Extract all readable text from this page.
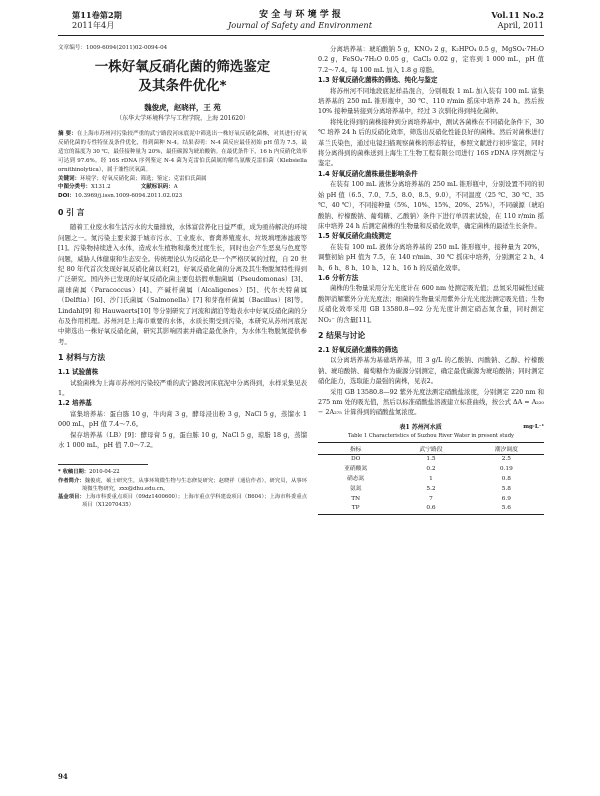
第11卷第2期
2011年4月
安 全 与 环 境 学 报
Journal of Safety and Environment
Vol.11 No.2
April, 2011

文章编号：1009-6094(2011)02-0094-04

一株好氧反硝化菌的筛选鉴定
及其条件优化*
魏俊虎，赵晓祥，王 苑
（东华大学环境科学与工程学院，上海 201620）

摘 要：在上海市苏州河污染较严重的武宁路段河床底泥中筛选出一株好氧反硝化菌株，对其进行好氧反硝化菌的专性特征及条件优化，得到菌种 N-4。结果表明：N-4 菌反应最佳初始 pH 值为 7.5，最适宜的温度为 30 ℃，最佳接种量为 20%，最佳碳源为琥珀酸钠。在最优条件下，16 h 内反硝化效率可达到 97.6%。经 16S rDNA 序列鉴定 N-4 菌为克雷伯氏菌属的解鸟氨酸克雷伯菌（Klebsiella ornithinolytica），属于兼性厌氧菌。

关键词：环境学；好氧反硝化菌；筛选；鉴定；克雷伯氏菌属

中图分类号：X131.2	文献标识码：A

DOI：10.3969/j.issn.1009-6094.2011.02.023

0 引 言

随着工业废水和生活污水的大量排放，水体富营养化日益严重，成为亟待解决的环境问题之一。氮污染主要来源于城市污水、工业废水、畜禽养殖废水、垃圾填埋渗滤液等[1]。污染物持续进入水体，造成水生植物和藻类过度生长，同时也会产生恶臭与色度等问题，威胁人体健康和生态安全。传统理论认为反硝化是一个严格厌氧的过程，自 20 世纪 80 年代首次发现好氧反硝化菌以来[2]，好氧反硝化菌的分离及其生物脱氮特性得到广泛研究。国内外已发现的好氧反硝化菌主要包括假单胞菌属（Pseudomonas）[3]、副球菌属（Paracoccus）[4]、产碱杆菌属（Alcaligenes）[5]、代尔夫特菌属（Delftia）[6]、沙门氏菌属（Salmonella）[7] 和芽孢杆菌属（Bacillus）[8]等。Lindahl[9] 和 Hauwaerts[10] 等分别研究了河流和湖泊等地表水中好氧反硝化菌的分布及作用机理。苏州河是上海市重要的水体，水质长期受到污染，本研究从苏州河底泥中筛选出一株好氧反硝化菌，研究其影响因素并确定最优条件，为水体生物脱氮提供参考。

1 材料与方法
1.1 试验菌株

试验菌株为上海市苏州河污染较严重的武宁路段河床底泥中分离得到，水样采集见表1。

1.2 培养基

富集培养基：蛋白胨 10 g，牛肉膏 3 g，酵母浸出粉 3 g，NaCl 5 g，蒸馏水 1 000 mL，pH 值 7.4～7.6。

保存培养基（LB）[9]：酵母膏 5 g，蛋白胨 10 g，NaCl 5 g，琼脂 18 g，蒸馏水 1 000 mL，pH 值 7.0～7.2。

* 收稿日期：2010-04-22

作者简介：魏俊虎，硕士研究生，从事环境微生物与生态修复研究；赵晓祥（通信作者），研究员，从事环境微生物研究，zxx@dhu.edu.cn。

基金项目：上海市科委重点项目（09dz1400600）；上海市重点学科建设项目（B604）；上海市科委重点项目（X12070435）

分离培养基：琥珀酸钠 5 g，KNO₃ 2 g，K₂HPO₄ 0.5 g，MgSO₄·7H₂O 0.2 g，FeSO₄·7H₂O 0.05 g，CaCl₂ 0.02 g，定容到 1 000 mL，pH 值 7.2～7.4。每 100 mL 加入 1.8 g 琼脂。

1.3 好氧反硝化菌株的筛选、纯化与鉴定

将苏州河不同地段底泥样品混合，分别吸取 1 mL 加入装有 100 mL 富集培养基的 250 mL 锥形瓶中，30 ℃、110 r/min 摇床中培养 24 h。然后按 10% 接种量转接到分离培养基中，经过 3 次驯化得到纯化菌种。

将纯化得到的菌株接种到分离培养基中，测试各菌株在不同硝化条件下，30 ℃ 培养 24 h 后的反硝化效率，筛选出反硝化性能良好的菌株。然后对菌株进行革兰氏染色，通过电镜扫描观察菌株的形态特征，参照文献进行初步鉴定，同时将分离得到的菌株送到上海生工生物工程有限公司进行 16S rDNA 序列测定与鉴定。

1.4 好氧反硝化菌株最佳影响条件

在装有 100 mL 液体分离培养基的 250 mL 锥形瓶中，分别设置不同的初始 pH 值（6.5、7.0、7.5、8.0、8.5、9.0），不同温度（25 ℃、30 ℃、35 ℃、40 ℃），不同接种量（5%、10%、15%、20%、25%），不同碳源（琥珀酸钠、柠檬酸钠、葡萄糖、乙酸钠）条件下进行单因素试验，在 110 r/min 摇床中培养 24 h 后测定菌株的生物量和反硝化效率，确定菌株的最适生长条件。

1.5 好氧反硝化曲线测定

在装有 100 mL 液体分离培养基的 250 mL 锥形瓶中，接种量为 20%，调整初始 pH 值为 7.5，在 140 r/min、30 ℃ 摇床中培养，分别测定 2 h、4 h、6 h、8 h、10 h、12 h、16 h 的反硝化效率。

1.6 分析方法

菌株的生物量采用分光光度计在 600 nm 处测定吸光值；总氮采用碱性过硫酸钾消解紫外分光光度法；细菌的生物量采用紫外分光光度法测定吸光值；生物反硝化效率采用 GB 13580.8—92 分光光度计测定硝态氮含量，同时测定 NO₂⁻ 的含量[11]。

2 结果与讨论
2.1 好氧反硝化菌株的筛选

以分离培养基为基础培养基，用 3 g/L 的乙酸钠、丙酸钠、乙醇、柠檬酸钠、琥珀酸钠、葡萄糖作为碳源分别测定，确定最优碳源为琥珀酸钠；同时测定硝化能力，选取能力最强的菌株，见表2。

采用 GB 13580.8—92 紫外光度法测定硝酸盐浓度，分别测定 220 nm 和 275 nm 处的吸光值，然后以标准硝酸盐溶液建立标准曲线，按公式 ΔA = A₂₂₀ − 2A₂₇₅ 计算得到的硝酸盐氮浓度。

表1 苏州河水质	mg·L⁻¹
Table 1 Characteristics of Suzhou River Water in present study
指标	武宁路段	潮汐调度
DO	1.5	2.5
亚硝酸氮	0.2	0.19
硝态氮	1	0.8
氨氮	5.2	5.8
TN	7	6.9
TP	0.6	5.6
94
